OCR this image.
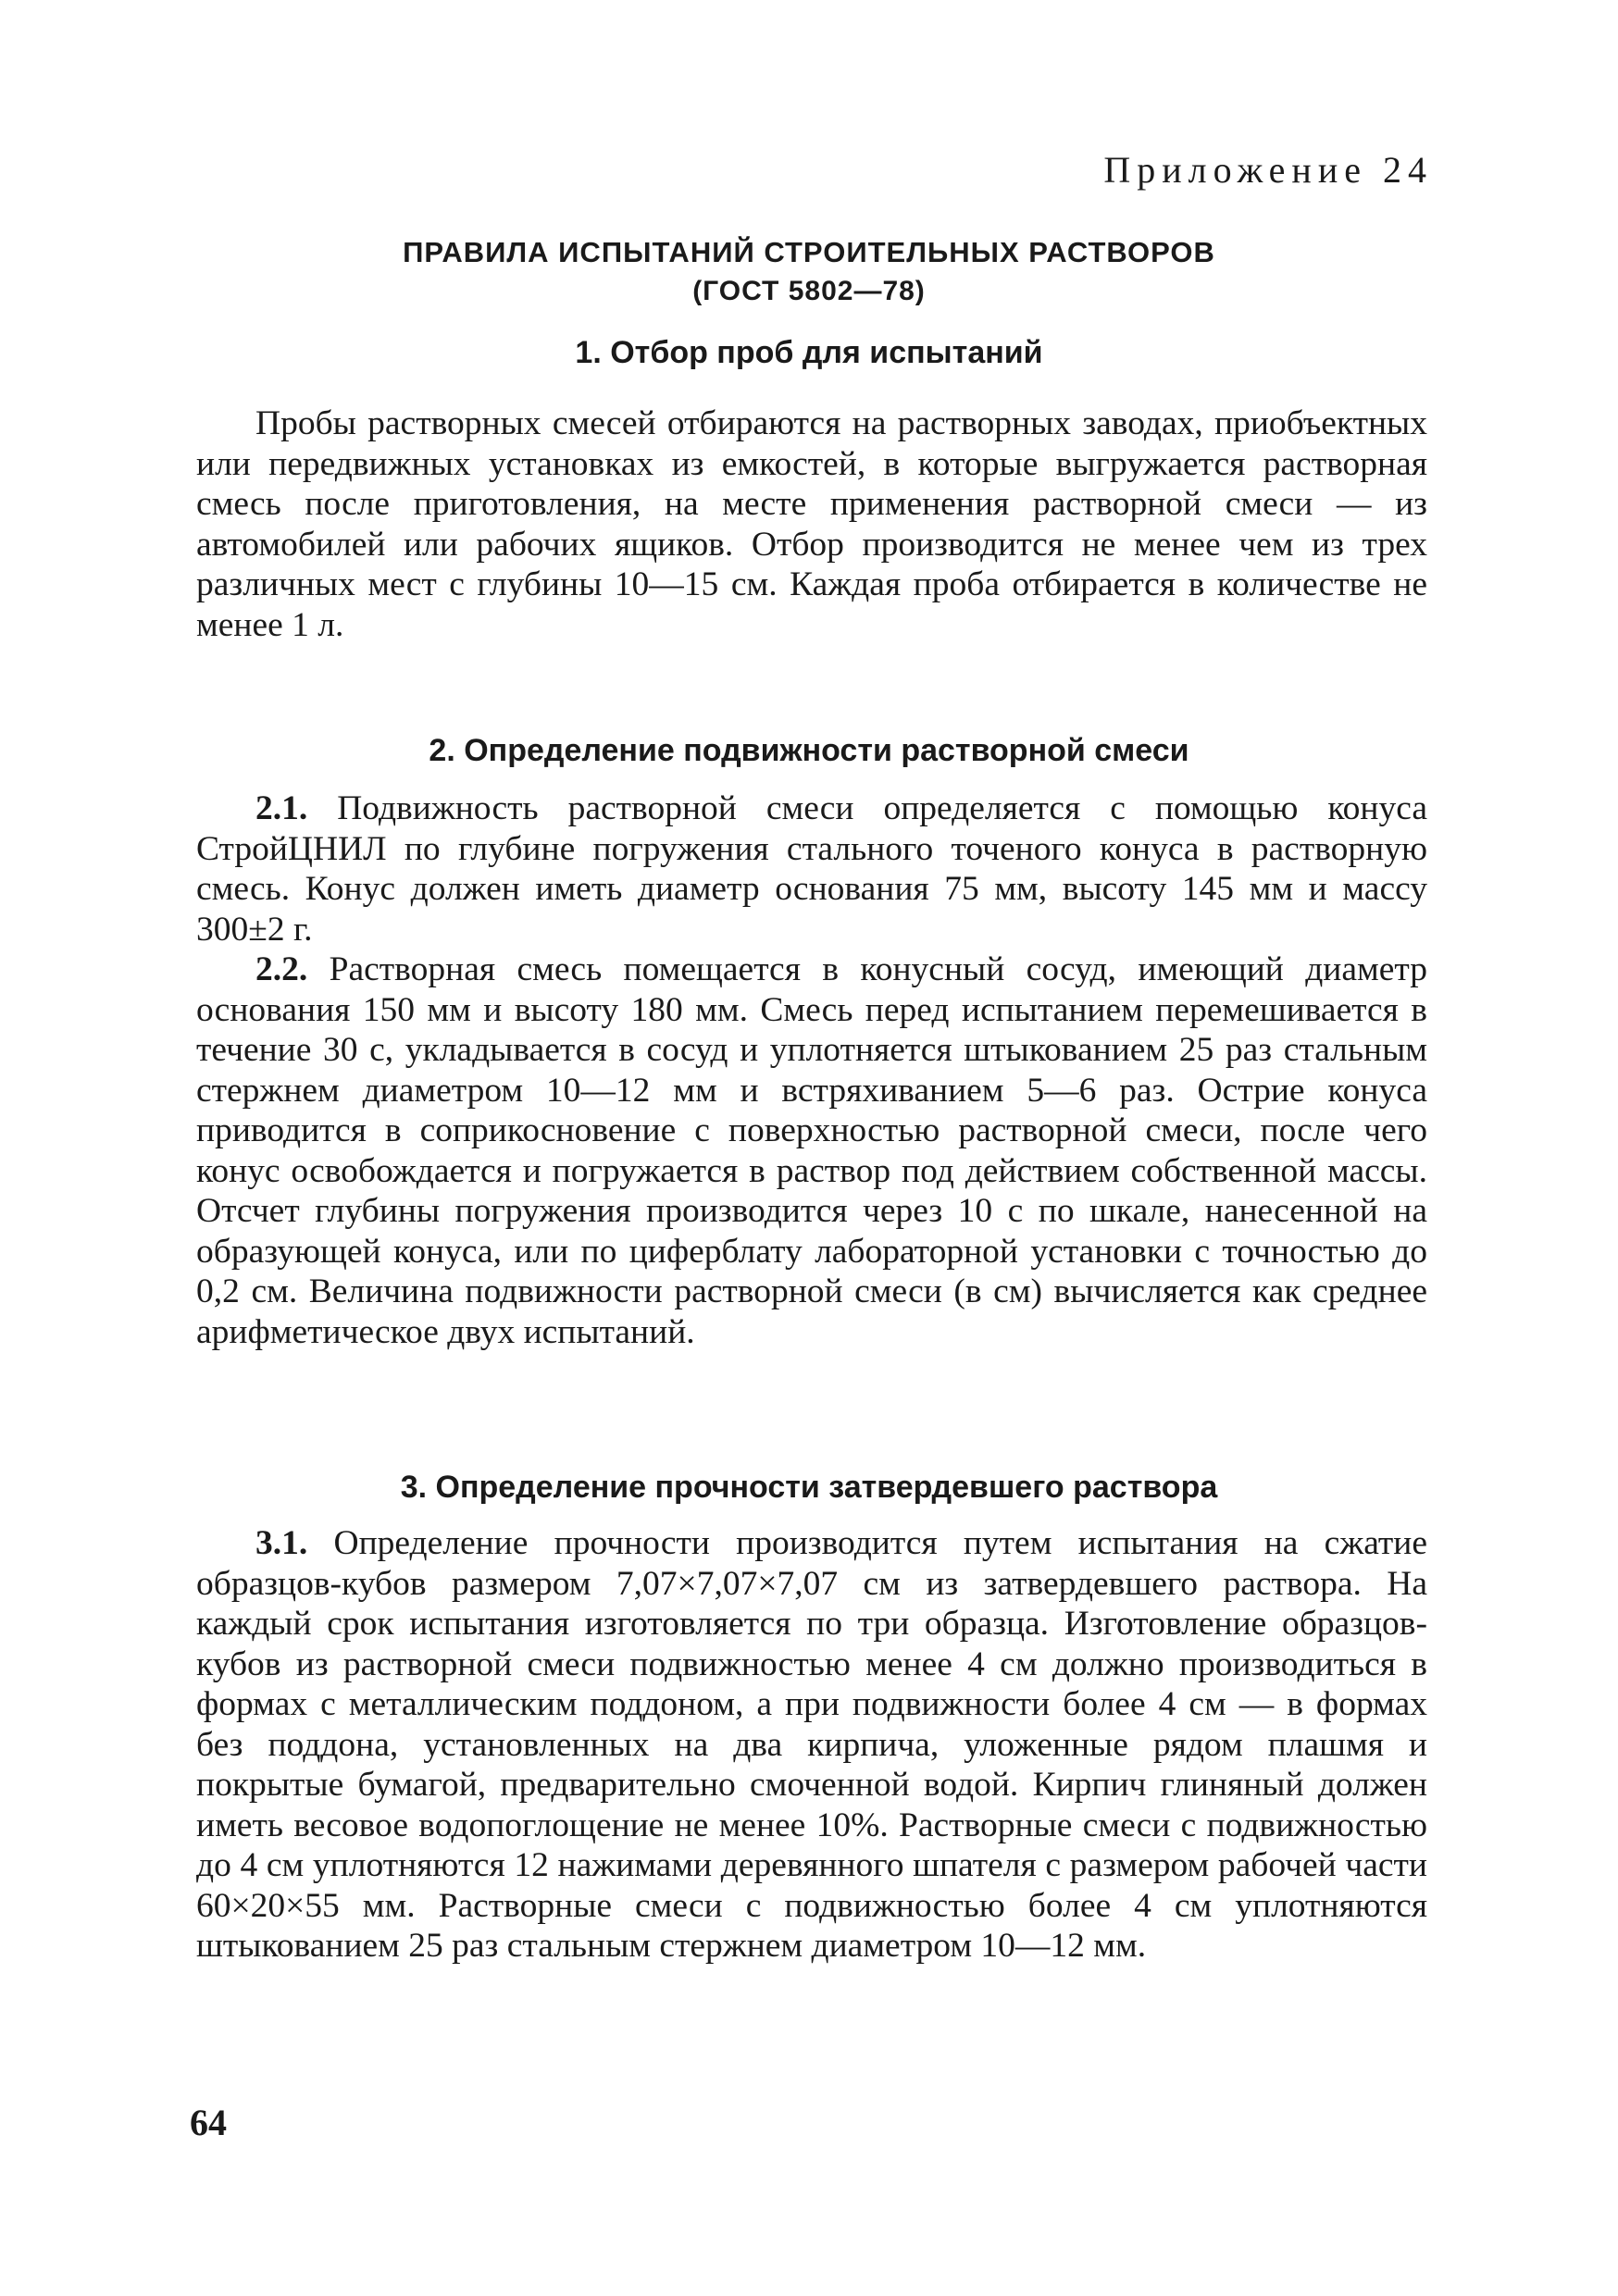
Приложение 24
ПРАВИЛА ИСПЫТАНИЙ СТРОИТЕЛЬНЫХ РАСТВОРОВ
(ГОСТ 5802—78)
1. Отбор проб для испытаний
Пробы растворных смесей отбираются на растворных заводах, приобъектных или передвижных установках из емкостей, в которые выгружается растворная смесь после приготовления, на месте применения растворной смеси — из автомобилей или рабочих ящиков. Отбор производится не менее чем из трех различных мест с глубины 10—15 см. Каждая проба отбирается в количестве не менее 1 л.
2. Определение подвижности растворной смеси
2.1. Подвижность растворной смеси определяется с помощью конуса СтройЦНИЛ по глубине погружения стального точеного конуса в растворную смесь. Конус должен иметь диаметр основания 75 мм, высоту 145 мм и массу 300±2 г.
2.2. Растворная смесь помещается в конусный сосуд, имеющий диаметр основания 150 мм и высоту 180 мм. Смесь перед испытанием перемешивается в течение 30 с, укладывается в сосуд и уплотняется штыкованием 25 раз стальным стержнем диаметром 10—12 мм и встряхиванием 5—6 раз. Острие конуса приводится в соприкосновение с поверхностью растворной смеси, после чего конус освобождается и погружается в раствор под действием собственной массы. Отсчет глубины погружения производится через 10 с по шкале, нанесенной на образующей конуса, или по циферблату лабораторной установки с точностью до 0,2 см. Величина подвижности растворной смеси (в см) вычисляется как среднее арифметическое двух испытаний.
3. Определение прочности затвердевшего раствора
3.1. Определение прочности производится путем испытания на сжатие образцов-кубов размером 7,07×7,07×7,07 см из затвердевшего раствора. На каждый срок испытания изготовляется по три образца. Изготовление образцов-кубов из растворной смеси подвижностью менее 4 см должно производиться в формах с металлическим поддоном, а при подвижности более 4 см — в формах без поддона, установленных на два кирпича, уложенные рядом плашмя и покрытые бумагой, предварительно смоченной водой. Кирпич глиняный должен иметь весовое водопоглощение не менее 10%. Растворные смеси с подвижностью до 4 см уплотняются 12 нажимами деревянного шпателя с размером рабочей части 60×20×55 мм. Растворные смеси с подвижностью более 4 см уплотняются штыкованием 25 раз стальным стержнем диаметром 10—12 мм.
64
